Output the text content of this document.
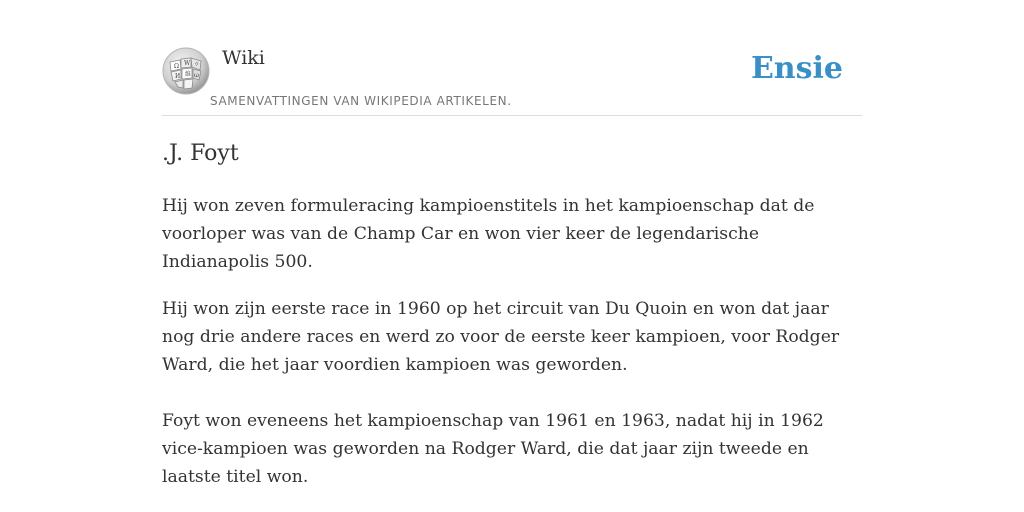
Ω W
И 維
ウ
ω
Wiki
SAMENVATTINGEN VAN WIKIPEDIA ARTIKELEN.
Ensie
.J. Foyt

Hij won zeven formuleracing kampioenstitels in het kampioenschap dat de voorloper was van de Champ Car en won vier keer de legendarische Indianapolis 500.

Hij won zijn eerste race in 1960 op het circuit van Du Quoin en won dat jaar nog drie andere races en werd zo voor de eerste keer kampioen, voor Rodger Ward, die het jaar voordien kampioen was geworden.

Foyt won eveneens het kampioenschap van 1961 en 1963, nadat hij in 1962 vice-kampioen was geworden na Rodger Ward, die dat jaar zijn tweede en laatste titel won.
